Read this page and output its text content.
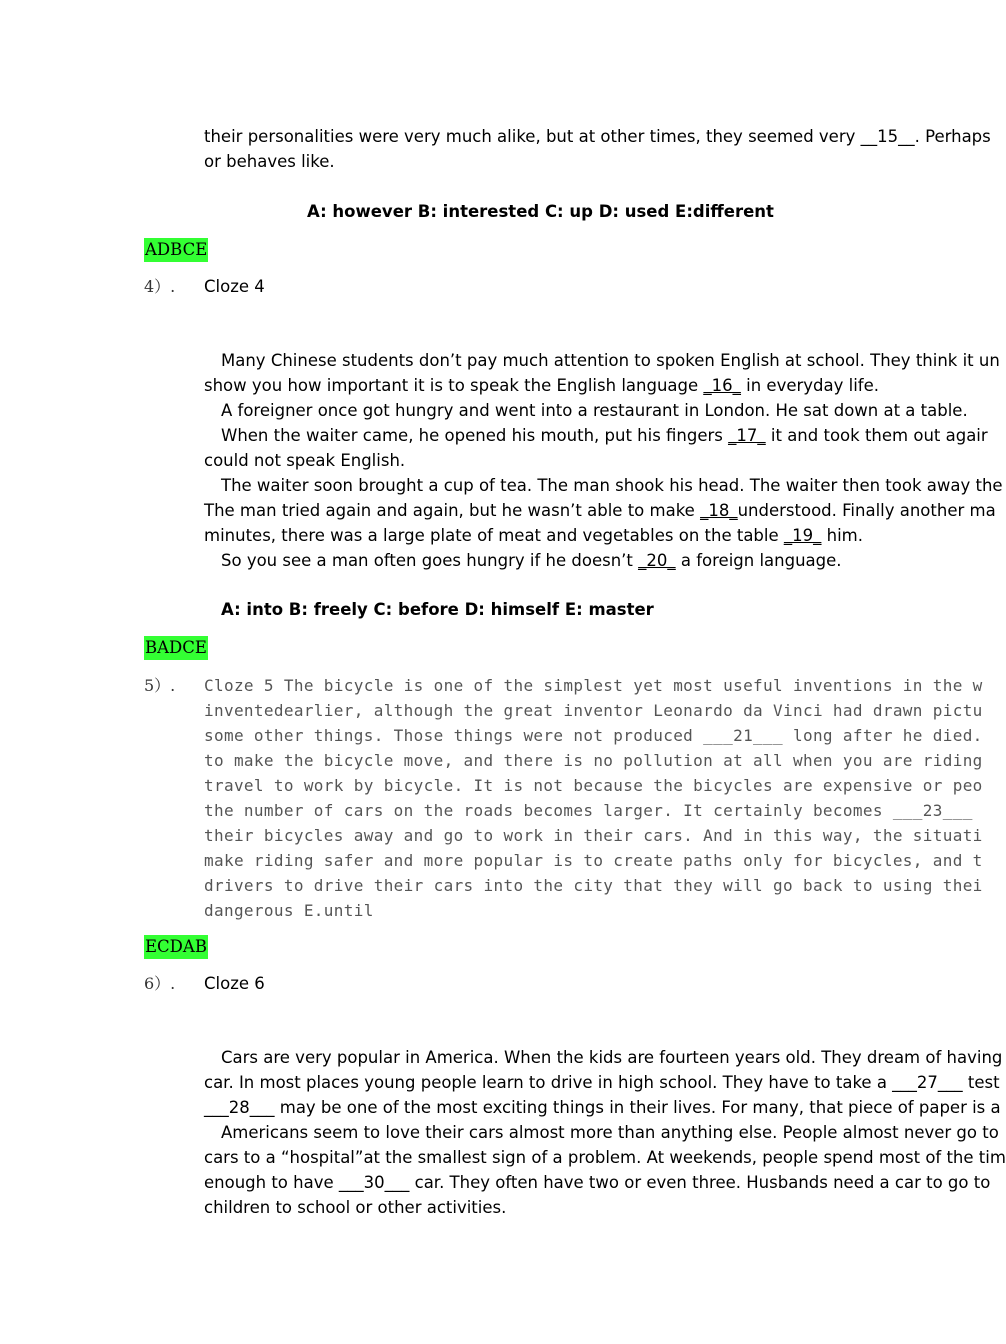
their personalities were very much alike, but at other times, they seemed very __15__. Perhaps
or behaves like.
A: however B: interested C: up D: used E:different
ADBCE
4）. Cloze 4
Many Chinese students don’t pay much attention to spoken English at school. They think it un
show you how important it is to speak the English language _16_ in everyday life.
A foreigner once got hungry and went into a restaurant in London. He sat down at a table.
When the waiter came, he opened his mouth, put his fingers _17_ it and took them out agair
could not speak English.
The waiter soon brought a cup of tea. The man shook his head. The waiter then took away the
The man tried again and again, but he wasn’t able to make _18_understood. Finally another ma
minutes, there was a large plate of meat and vegetables on the table _19_ him.
So you see a man often goes hungry if he doesn’t _20_ a foreign language.
A: into B: freely C: before D: himself E: master
BADCE
5）. Cloze 5 The bicycle is one of the simplest yet most useful inventions in the w
inventedearlier, although the great inventor Leonardo da Vinci had drawn pictu
some other things. Those things were not produced ___21___ long after he died.
to make the bicycle move, and there is no pollution at all when you are riding
travel to work by bicycle. It is not because the bicycles are expensive or peo
the number of cars on the roads becomes larger. It certainly becomes ___23___
their bicycles away and go to work in their cars. And in this way, the situati
make riding safer and more popular is to create paths only for bicycles, and t
drivers to drive their cars into the city that they will go back to using thei
dangerous E.until
ECDAB
6）. Cloze 6
Cars are very popular in America. When the kids are fourteen years old. They dream of having
car. In most places young people learn to drive in high school. They have to take a ___27___ test
___28___ may be one of the most exciting things in their lives. For many, that piece of paper is a
Americans seem to love their cars almost more than anything else. People almost never go to
cars to a “hospital”at the smallest sign of a problem. At weekends, people spend most of the tim
enough to have ___30___ car. They often have two or even three. Husbands need a car to go to
children to school or other activities.
